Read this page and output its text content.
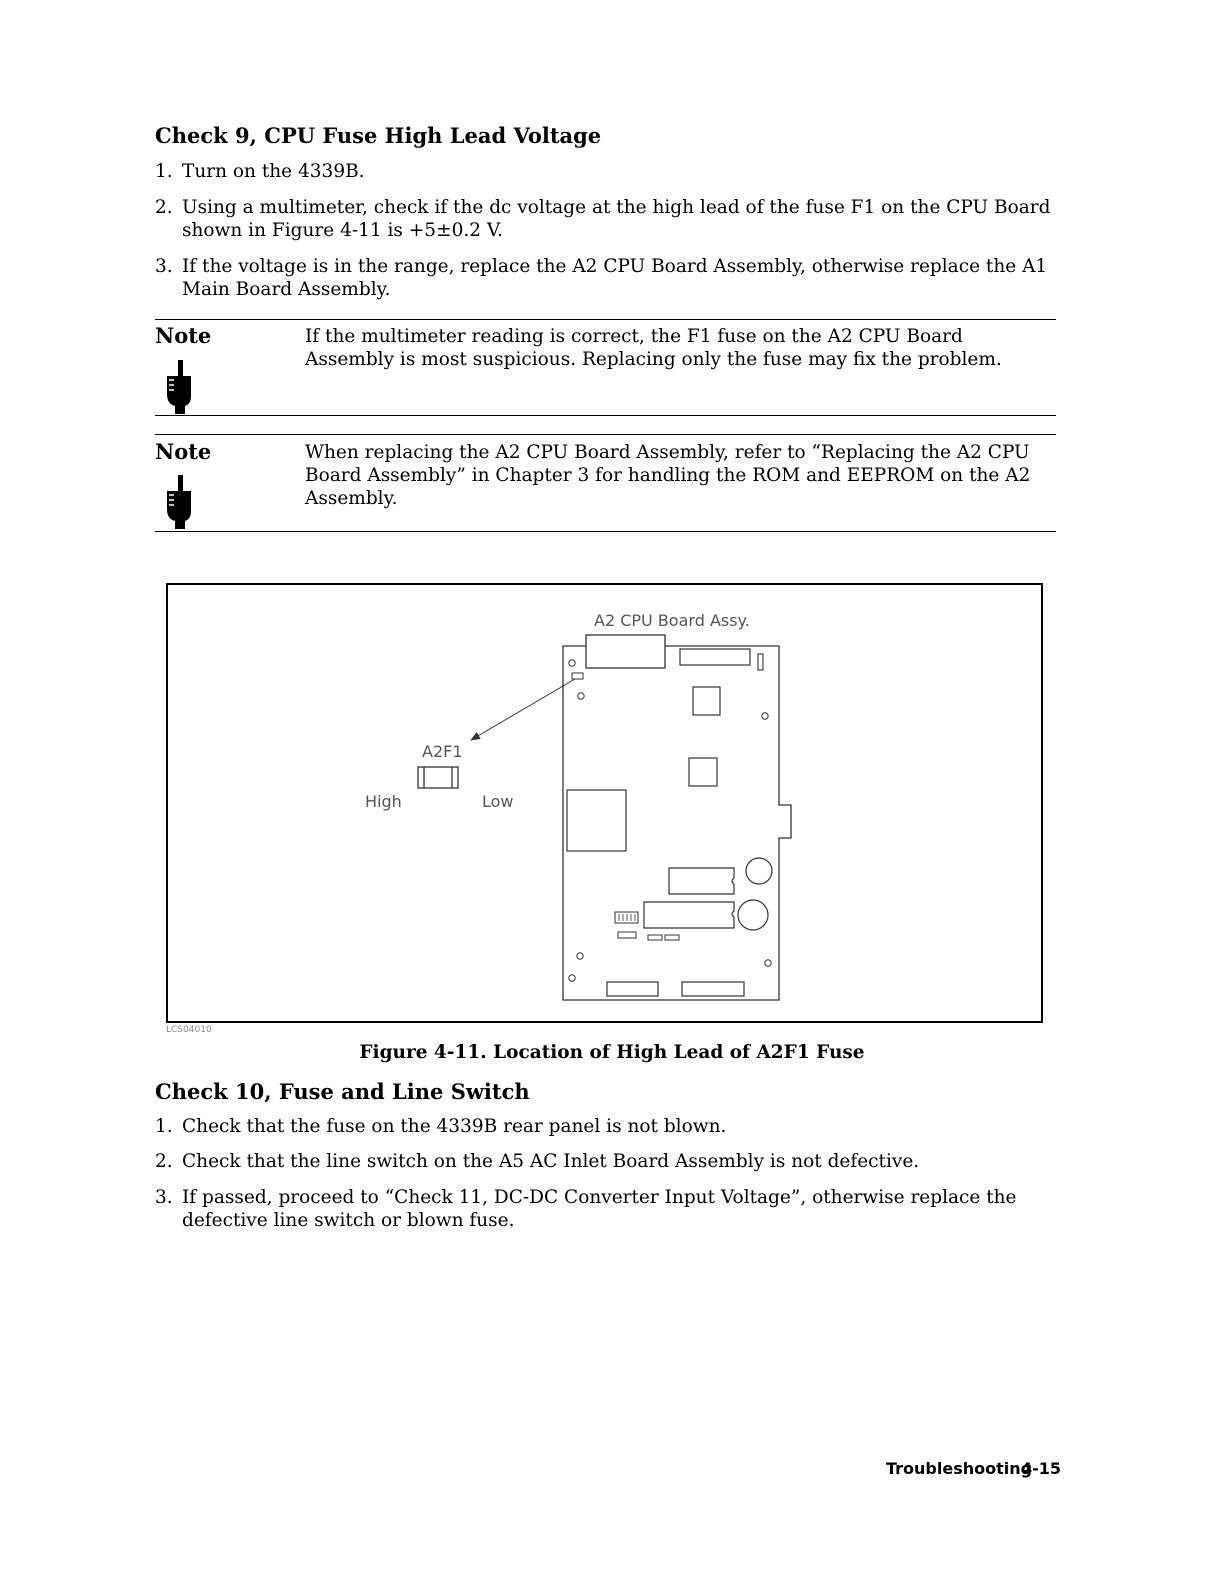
Check 9, CPU Fuse High Lead Voltage
1. Turn on the 4339B.
2. Using a multimeter, check if the dc voltage at the high lead of the fuse F1 on the CPU Board shown in Figure 4-11 is +5±0.2 V.
3. If the voltage is in the range, replace the A2 CPU Board Assembly, otherwise replace the A1 Main Board Assembly.
Note	If the multimeter reading is correct, the F1 fuse on the A2 CPU Board Assembly is most suspicious. Replacing only the fuse may fix the problem.
Note	When replacing the A2 CPU Board Assembly, refer to “Replacing the A2 CPU Board Assembly” in Chapter 3 for handling the ROM and EEPROM on the A2 Assembly.
A2 CPU Board Assy.
A2F1
High	Low
LCS04010
Figure 4-11. Location of High Lead of A2F1 Fuse
Check 10, Fuse and Line Switch
1. Check that the fuse on the 4339B rear panel is not blown.
2. Check that the line switch on the A5 AC Inlet Board Assembly is not defective.
3. If passed, proceed to “Check 11, DC-DC Converter Input Voltage”, otherwise replace the defective line switch or blown fuse.
Troubleshooting
4-15
